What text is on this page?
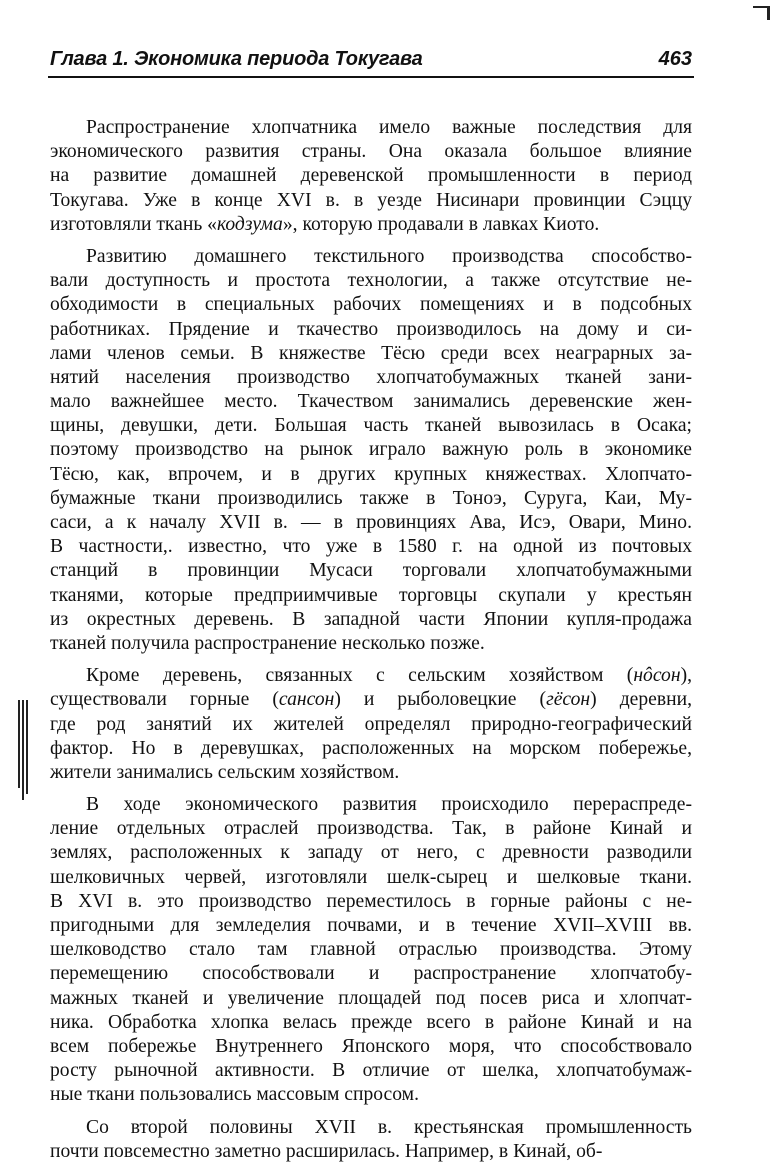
Глава 1. Экономика периода Токугава	463
Распространение хлопчатника имело важные последствия для
экономического развития страны. Она оказала большое влияние
на развитие домашней деревенской промышленности в период
Токугава. Уже в конце XVI в. в уезде Нисинари провинции Сэццу
изготовляли ткань «кодзума», которую продавали в лавках Киото.
Развитию домашнего текстильного производства способство-
вали доступность и простота технологии, а также отсутствие не-
обходимости в специальных рабочих помещениях и в подсобных
работниках. Прядение и ткачество производилось на дому и си-
лами членов семьи. В княжестве Тёсю среди всех неаграрных за-
нятий населения производство хлопчатобумажных тканей зани-
мало важнейшее место. Ткачеством занимались деревенские жен-
щины, девушки, дети. Большая часть тканей вывозилась в Осака;
поэтому производство на рынок играло важную роль в экономике
Тёсю, как, впрочем, и в других крупных княжествах. Хлопчато-
бумажные ткани производились также в Тоноэ, Суруга, Каи, Му-
саси, а к началу XVII в. — в провинциях Ава, Исэ, Овари, Мино.
В частности,. известно, что уже в 1580 г. на одной из почтовых
станций в провинции Мусаси торговали хлопчатобумажными
тканями, которые предприимчивые торговцы скупали у крестьян
из окрестных деревень. В западной части Японии купля-продажа
тканей получила распространение несколько позже.
Кроме деревень, связанных с сельским хозяйством (нôсон),
существовали горные (сансон) и рыболовецкие (гёсон) деревни,
где род занятий их жителей определял природно-географический
фактор. Но в деревушках, расположенных на морском побережье,
жители занимались сельским хозяйством.
В ходе экономического развития происходило перераспреде-
ление отдельных отраслей производства. Так, в районе Кинай и
землях, расположенных к западу от него, с древности разводили
шелковичных червей, изготовляли шелк-сырец и шелковые ткани.
В XVI в. это производство переместилось в горные районы с не-
пригодными для земледелия почвами, и в течение XVII–XVIII вв.
шелководство стало там главной отраслью производства. Этому
перемещению способствовали и распространение хлопчатобу-
мажных тканей и увеличение площадей под посев риса и хлопчат-
ника. Обработка хлопка велась прежде всего в районе Кинай и на
всем побережье Внутреннего Японского моря, что способствовало
росту рыночной активности. В отличие от шелка, хлопчатобумаж-
ные ткани пользовались массовым спросом.
Со второй половины XVII в. крестьянская промышленность
почти повсеместно заметно расширилась. Например, в Кинай, об-
